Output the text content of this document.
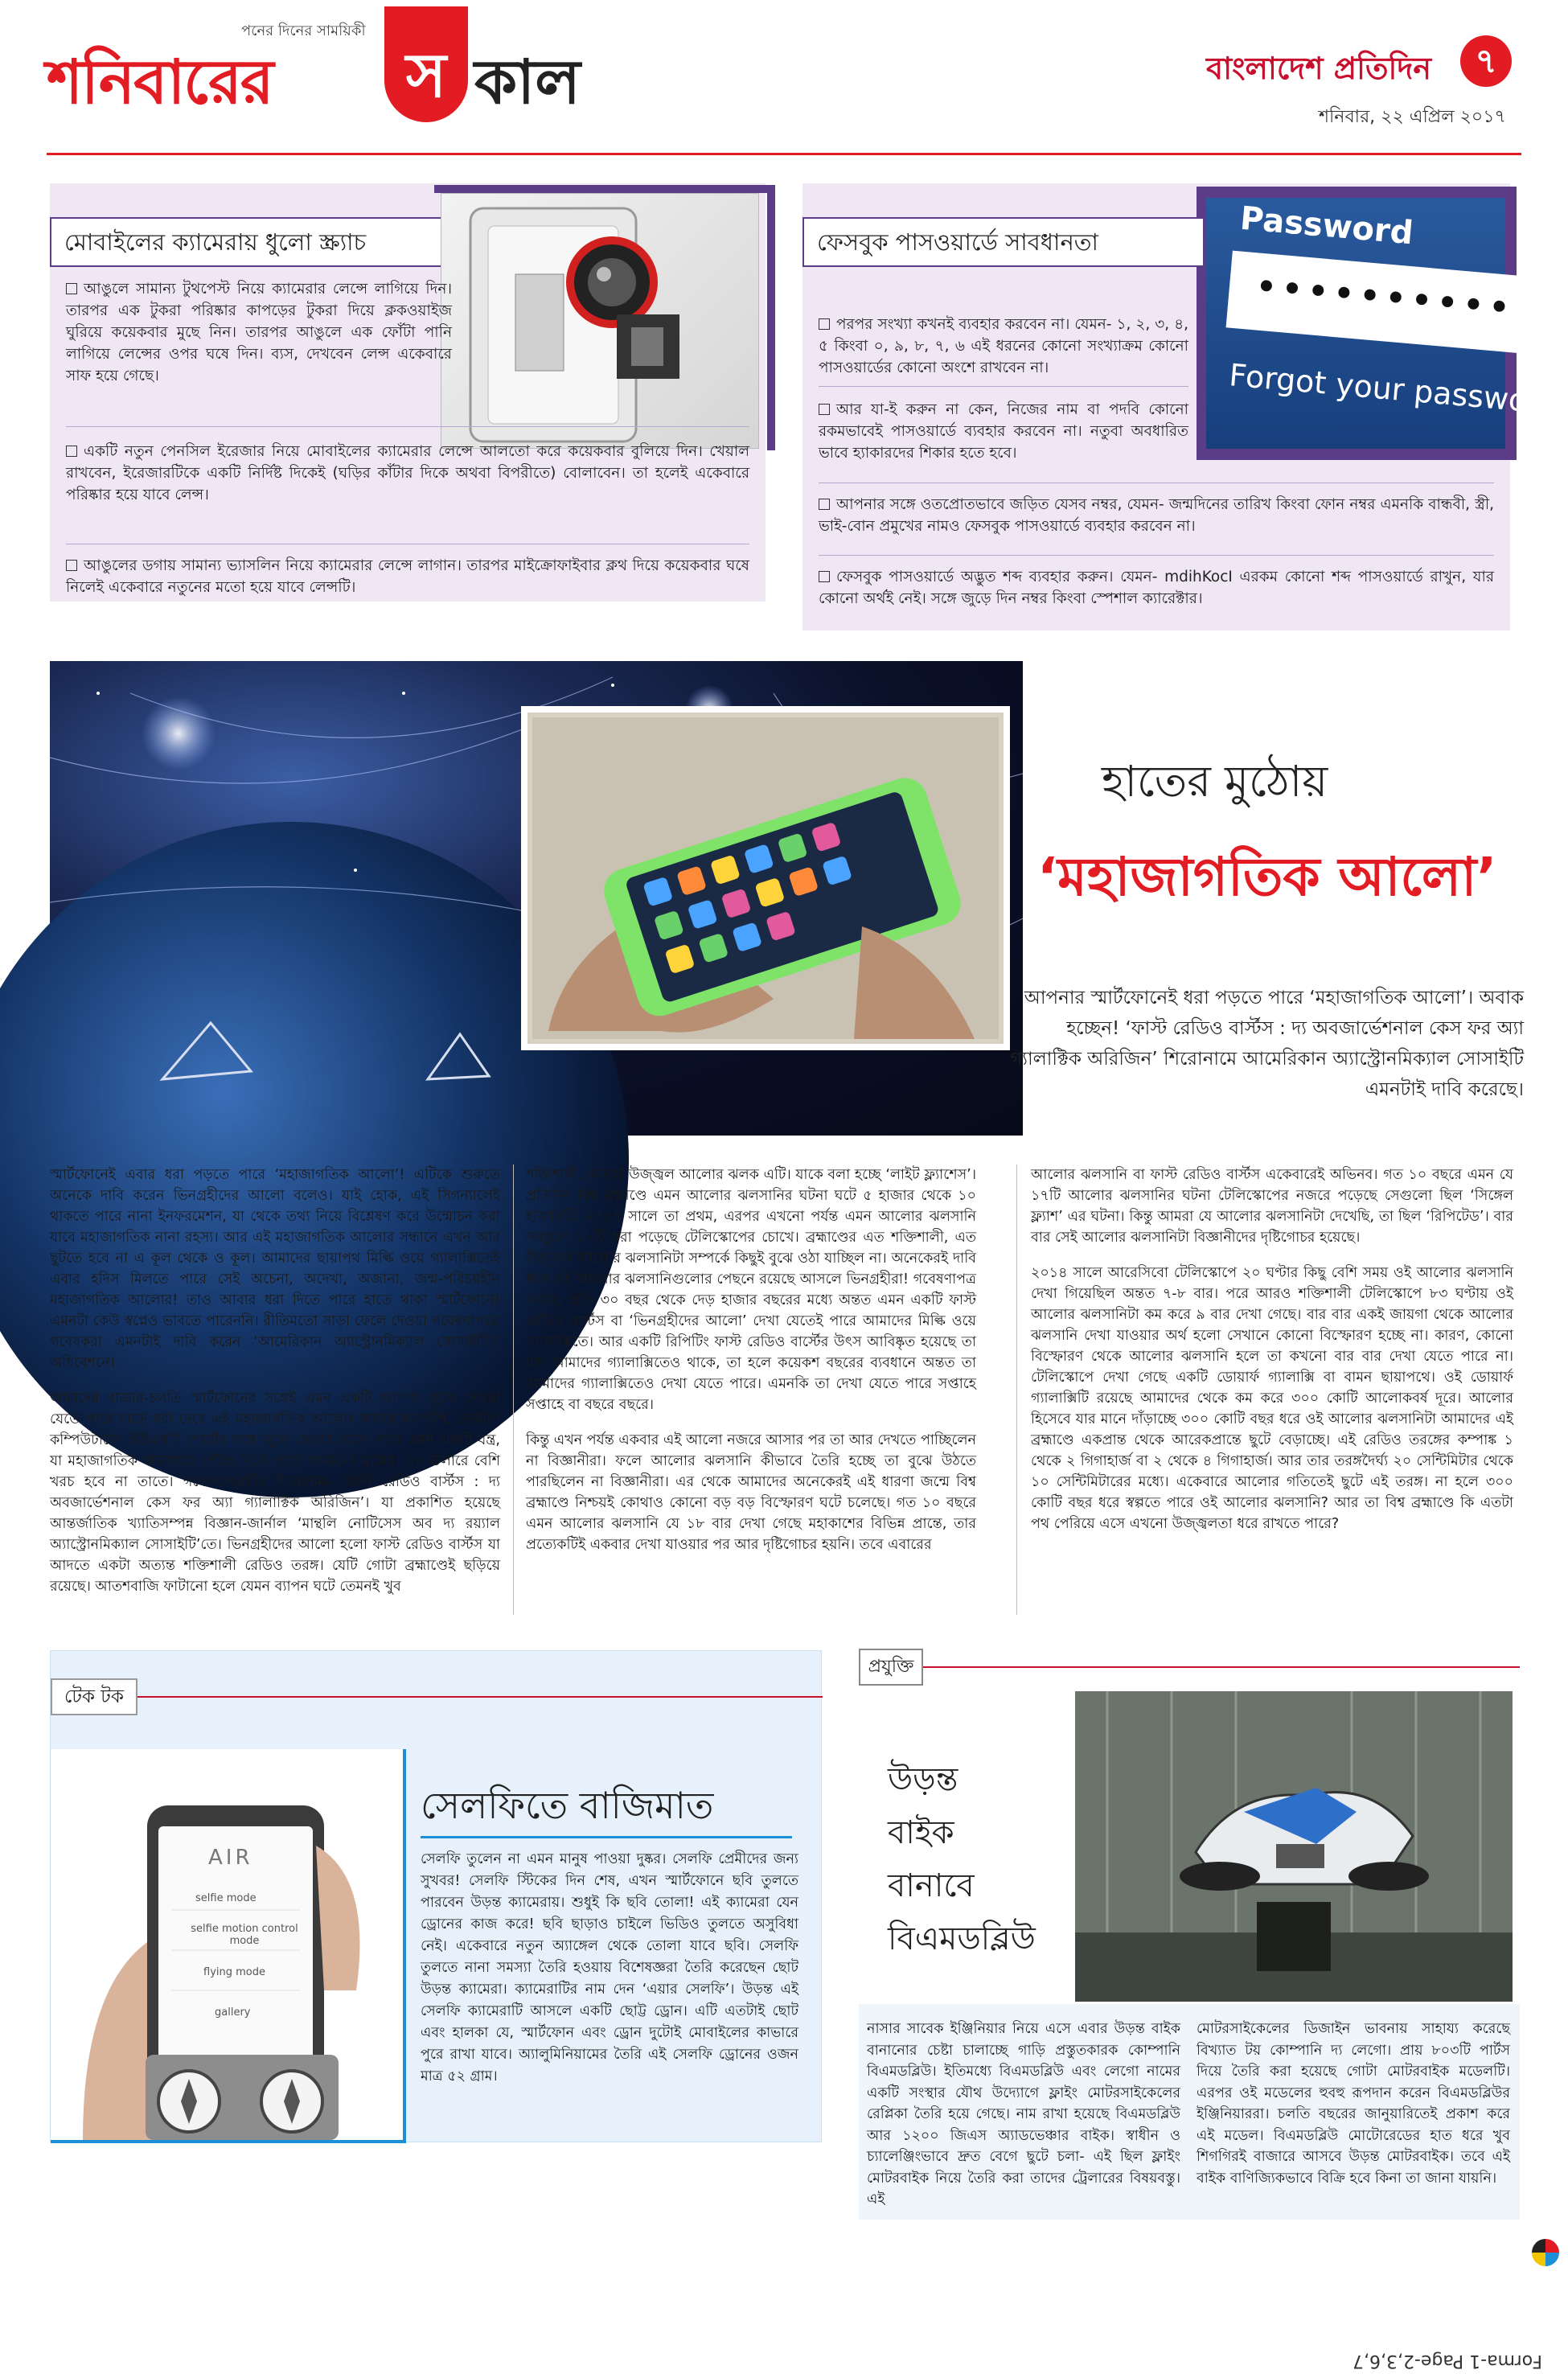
শনিবারের
পনের দিনের সাময়িকী
স কাল	বাংলাদেশ প্রতিদিন	৭
শনিবার, ২২ এপ্রিল ২০১৭
মোবাইলের ক্যামেরায় ধুলো স্ক্র্যাচ
আঙুলে সামান্য টুথপেস্ট নিয়ে ক্যামেরার লেন্সে লাগিয়ে দিন। তারপর এক টুকরা পরিষ্কার কাপড়ের টুকরা দিয়ে ক্লকওয়াইজ ঘুরিয়ে কয়েকবার মুছে নিন। তারপর আঙুলে এক ফোঁটা পানি লাগিয়ে লেন্সের ওপর ঘষে দিন। ব্যস, দেখবেন লেন্স একেবারে সাফ হয়ে গেছে।
একটি নতুন পেনসিল ইরেজার নিয়ে মোবাইলের ক্যামেরার লেন্সে আলতো করে কয়েকবার বুলিয়ে দিন। খেয়াল রাখবেন, ইরেজারটিকে একটি নির্দিষ্ট দিকেই (ঘড়ির কাঁটার দিকে অথবা বিপরীতে) বোলাবেন। তা হলেই একেবারে পরিষ্কার হয়ে যাবে লেন্স।
আঙুলের ডগায় সামান্য ভ্যাসলিন নিয়ে ক্যামেরার লেন্সে লাগান। তারপর মাইক্রোফাইবার ক্লথ দিয়ে কয়েকবার ঘষে নিলেই একেবারে নতুনের মতো হয়ে যাবে লেন্সটি।
ফেসবুক পাসওয়ার্ডে সাবধানতা	Password
••••••••••
Forgot your password
পরপর সংখ্যা কখনই ব্যবহার করবেন না। যেমন- ১, ২, ৩, ৪, ৫ কিংবা ০, ৯, ৮, ৭, ৬ এই ধরনের কোনো সংখ্যাক্রম কোনো পাসওয়ার্ডের কোনো অংশে রাখবেন না।
আর যা-ই করুন না কেন, নিজের নাম বা পদবি কোনো রকমভাবেই পাসওয়ার্ডে ব্যবহার করবেন না। নতুবা অবধারিত ভাবে হ্যাকারদের শিকার হতে হবে।
আপনার সঙ্গে ওতপ্রোতভাবে জড়িত যেসব নম্বর, যেমন- জন্মদিনের তারিখ কিংবা ফোন নম্বর এমনকি বান্ধবী, স্ত্রী, ভাই-বোন প্রমুখের নামও ফেসবুক পাসওয়ার্ডে ব্যবহার করবেন না।
ফেসবুক পাসওয়ার্ডে অদ্ভুত শব্দ ব্যবহার করুন। যেমন- mdihKocI এরকম কোনো শব্দ পাসওয়ার্ডে রাখুন, যার কোনো অর্থই নেই। সঙ্গে জুড়ে দিন নম্বর কিংবা স্পেশাল ক্যারেক্টার।
হাতের মুঠোয়
‘মহাজাগতিক আলো’
আপনার স্মার্টফোনেই ধরা পড়তে পারে ‘মহাজাগতিক আলো’। অবাক হচ্ছেন! ‘ফাস্ট রেডিও বার্স্টস : দ্য অবজার্ভেশনাল কেস ফর অ্যা গ্যালাক্টিক অরিজিন’ শিরোনামে আমেরিকান অ্যাস্ট্রোনমিক্যাল সোসাইটি এমনটাই দাবি করেছে।

স্মার্টফোনেই এবার ধরা পড়তে পারে ‘মহাজাগতিক আলো’! এটিকে শুরুতে অনেকে দাবি করেন ভিনগ্রহীদের আলো বলেও। যাই হোক, এই সিগন্যালেই থাকতে পারে নানা ইনফরমেশন, যা থেকে তথ্য নিয়ে বিশ্লেষণ করে উন্মোচন করা যাবে মহাজাগতিক নানা রহস্য। আর এই মহাজাগতিক আলোর সন্ধানে এখন আর ছুটতে হবে না এ কূল থেকে ও কূল। আমাদের ছায়াপথ মিল্কি ওয়ে গ্যালাক্সিতেই এবার হদিস মিলতে পারে সেই অচেনা, অদেখা, অজানা, জন্ম-পরিচয়হীন মহাজাগতিক আলোর! তাও আবার ধরা দিতে পারে হাতে থাকা স্মার্টফোনে! এমনটা কেউ স্বপ্নেও ভাবতে পারেননি। রীতিমতো সাড়া ফেলে দেওয়া গবেষণাপত্রে গবেষকরা এমনটাই দাবি করেন ‘আমেরিকান অ্যাস্ট্রোনমিক্যাল সোসাইটি’র অধিবেশনে।

আমাদের বাজার-চলতি স্মার্টফোনের সঙ্গেই এমন একটি অ্যাপস জুড়ে দেওয়া যেতে পারে যাতে ধরা দেবে এই মহাজাগতিক আলো। আবার ল্যাপটপ, ডেস্কটপ কম্পিউটারের ইউএসবি পোর্টের সঙ্গে জুড়ে দেওয়া যেতে পারে এমন একটি যন্ত্র, যা মহাজাগতিক আলোকে পৌঁছে দিতে পারে আমাদের মুঠোয়। ১০ ডলারে বেশি খরচ হবে না তাতে। গবেষণাপত্রটির শিরোনাম- ‘ফাস্ট রেডিও বার্স্টস : দ্য অবজার্ভেশনাল কেস ফর অ্যা গ্যালাক্টিক অরিজিন’। যা প্রকাশিত হয়েছে আন্তর্জাতিক খ্যাতিসম্পন্ন বিজ্ঞান-জার্নাল ‘মান্থলি নোটিসেস অব দ্য রয়্যাল অ্যাস্ট্রোনমিক্যাল সোসাইটি’তে। ভিনগ্রহীদের আলো হলো ফাস্ট রেডিও বার্স্টস যা আদতে একটা অত্যন্ত শক্তিশালী রেডিও তরঙ্গ। যেটি গোটা ব্রহ্মাণ্ডেই ছড়িয়ে রয়েছে। আতশবাজি ফাটানো হলে যেমন ব্যাপন ঘটে তেমনই খুব

শক্তিশালী, অত্যন্ত উজ্জ্বল আলোর ঝলক এটি। যাকে বলা হচ্ছে ‘লাইট ফ্ল্যাশেস’। প্রতিদিন বিশ্ব ব্রহ্মাণ্ডে এমন আলোর ঝলসানির ঘটনা ঘটে ৫ হাজার থেকে ১০ হাজারটি। ২০০৭ সালে তা প্রথম, এরপর এখনো পর্যন্ত এমন আলোর ঝলসানি সবকুলে ১৮টি ধরা পড়েছে টেলিস্কোপের চোখে। ব্রহ্মাণ্ডের এত শক্তিশালী, এত উজ্জ্বল আলোর ঝলসানিটা সম্পর্কে কিছুই বুঝে ওঠা যাচ্ছিল না। অনেকেরই দাবি ছিল ওই আলোর ঝলসানিগুলোর পেছনে রয়েছে আসলে ভিনগ্রহীরা! গবেষণাপত্র বলছে, প্রতি ৩০ বছর থেকে দেড় হাজার বছরের মধ্যে অন্তত এমন একটি ফাস্ট রেডিও বার্স্টস বা ‘ভিনগ্রহীদের আলো’ দেখা যেতেই পারে আমাদের মিল্কি ওয়ে গ্যালাক্সিতে। আর একটি রিপিটিং ফাস্ট রেডিও বার্স্টের উৎস আবিষ্কৃত হয়েছে তা যদি আমাদের গ্যালাক্সিতেও থাকে, তা হলে কয়েকশ বছরের ব্যবধানে অন্তত তা আমাদের গ্যালাক্সিতেও দেখা যেতে পারে। এমনকি তা দেখা যেতে পারে সপ্তাহে সপ্তাহে বা বছরে বছরে।

কিন্তু এখন পর্যন্ত একবার এই আলো নজরে আসার পর তা আর দেখতে পাচ্ছিলেন না বিজ্ঞানীরা। ফলে আলোর ঝলসানি কীভাবে তৈরি হচ্ছে তা বুঝে উঠতে পারছিলেন না বিজ্ঞানীরা। এর থেকে আমাদের অনেকেরই এই ধারণা জন্মে বিশ্ব ব্রহ্মাণ্ডে নিশ্চয়ই কোথাও কোনো বড় বড় বিস্ফোরণ ঘটে চলেছে। গত ১০ বছরে এমন আলোর ঝলসানি যে ১৮ বার দেখা গেছে মহাকাশের বিভিন্ন প্রান্তে, তার প্রত্যেকটিই একবার দেখা যাওয়ার পর আর দৃষ্টিগোচর হয়নি। তবে এবারের

আলোর ঝলসানি বা ফাস্ট রেডিও বার্স্টস একেবারেই অভিনব। গত ১০ বছরে এমন যে ১৭টি আলোর ঝলসানির ঘটনা টেলিস্কোপের নজরে পড়েছে সেগুলো ছিল ‘সিঙ্গেল ফ্ল্যাশ’ এর ঘটনা। কিন্তু আমরা যে আলোর ঝলসানিটা দেখেছি, তা ছিল ‘রিপিটেড’। বার বার সেই আলোর ঝলসানিটা বিজ্ঞানীদের দৃষ্টিগোচর হয়েছে।

২০১৪ সালে আরেসিবো টেলিস্কোপে ২০ ঘণ্টার কিছু বেশি সময় ওই আলোর ঝলসানি দেখা গিয়েছিল অন্তত ৭-৮ বার। পরে আরও শক্তিশালী টেলিস্কোপে ৮৩ ঘণ্টায় ওই আলোর ঝলসানিটা কম করে ৯ বার দেখা গেছে। বার বার একই জায়গা থেকে আলোর ঝলসানি দেখা যাওয়ার অর্থ হলো সেখানে কোনো বিস্ফোরণ হচ্ছে না। কারণ, কোনো বিস্ফোরণ থেকে আলোর ঝলসানি হলে তা কখনো বার বার দেখা যেতে পারে না। টেলিস্কোপে দেখা গেছে একটি ডোয়ার্ফ গ্যালাক্সি বা বামন ছায়াপথে। ওই ডোয়ার্ফ গ্যালাক্সিটি রয়েছে আমাদের থেকে কম করে ৩০০ কোটি আলোকবর্ষ দূরে। আলোর হিসেবে যার মানে দাঁড়াচ্ছে ৩০০ কোটি বছর ধরে ওই আলোর ঝলসানিটা আমাদের এই ব্রহ্মাণ্ডে একপ্রান্ত থেকে আরেকপ্রান্তে ছুটে বেড়াচ্ছে। এই রেডিও তরঙ্গের কম্পাঙ্ক ১ থেকে ২ গিগাহার্জ বা ২ থেকে ৪ গিগাহার্জ। আর তার তরঙ্গদৈর্ঘ্য ২০ সেন্টিমিটার থেকে ১০ সেন্টিমিটারের মধ্যে। একেবারে আলোর গতিতেই ছুটে এই তরঙ্গ। না হলে ৩০০ কোটি বছর ধরে স্বল্পতে পারে ওই আলোর ঝলসানি? আর তা বিশ্ব ব্রহ্মাণ্ডে কি এতটা পথ পেরিয়ে এসে এখনো উজ্জ্বলতা ধরে রাখতে পারে?

টেক টক
AIR
selfie mode
selfie motion control mode
flying mode
gallery
সেলফিতে বাজিমাত
সেলফি তুলেন না এমন মানুষ পাওয়া দুষ্কর। সেলফি প্রেমীদের জন্য সুখবর! সেলফি স্টিকের দিন শেষ, এখন স্মার্টফোনে ছবি তুলতে পারবেন উড়ন্ত ক্যামেরায়। শুধুই কি ছবি তোলা! এই ক্যামেরা যেন ড্রোনের কাজ করে! ছবি ছাড়াও চাইলে ভিডিও তুলতে অসুবিধা নেই। একেবারে নতুন অ্যাঙ্গেল থেকে তোলা যাবে ছবি। সেলফি তুলতে নানা সমস্যা তৈরি হওয়ায় বিশেষজ্ঞরা তৈরি করেছেন ছোট উড়ন্ত ক্যামেরা। ক্যামেরাটির নাম দেন ‘এয়ার সেলফি’। উড়ন্ত এই সেলফি ক্যামেরাটি আসলে একটি ছোট্ট ড্রোন। এটি এতটাই ছোট এবং হালকা যে, স্মার্টফোন এবং ড্রোন দুটোই মোবাইলের কাভারে পুরে রাখা যাবে। অ্যালুমিনিয়ামের তৈরি এই সেলফি ড্রোনের ওজন মাত্র ৫২ গ্রাম।
প্রযুক্তি
উড়ন্ত
বাইক
বানাবে
বিএমডব্লিউ
নাসার সাবেক ইঞ্জিনিয়ার নিয়ে এসে এবার উড়ন্ত বাইক বানানোর চেষ্টা চালাচ্ছে গাড়ি প্রস্তুতকারক কোম্পানি বিএমডব্লিউ। ইতিমধ্যে বিএমডব্লিউ এবং লেগো নামের একটি সংস্থার যৌথ উদ্যোগে ফ্লাইং মোটরসাইকেলের রেপ্লিকা তৈরি হয়ে গেছে। নাম রাখা হয়েছে বিএমডব্লিউ আর ১২০০ জিএস অ্যাডভেঞ্চার বাইক। স্বাধীন ও চ্যালেঞ্জিংভাবে দ্রুত বেগে ছুটে চলা- এই ছিল ফ্লাইং মোটরবাইক নিয়ে তৈরি করা তাদের ট্রেলারের বিষয়বস্তু। এই
মোটরসাইকেলের ডিজাইন ভাবনায় সাহায্য করেছে বিখ্যাত টয় কোম্পানি দ্য লেগো। প্রায় ৮০৩টি পার্টস দিয়ে তৈরি করা হয়েছে গোটা মোটরবাইক মডেলটি। এরপর ওই মডেলের হুবহু রূপদান করেন বিএমডব্লিউর ইঞ্জিনিয়াররা। চলতি বছরের জানুয়ারিতেই প্রকাশ করে এই মডেল। বিএমডব্লিউ মোটোরেডের হাত ধরে খুব শিগগিরই বাজারে আসবে উড়ন্ত মোটরবাইক। তবে এই বাইক বাণিজ্যিকভাবে বিক্রি হবে কিনা তা জানা যায়নি।
Forma-1 Page-2,3,6,7
